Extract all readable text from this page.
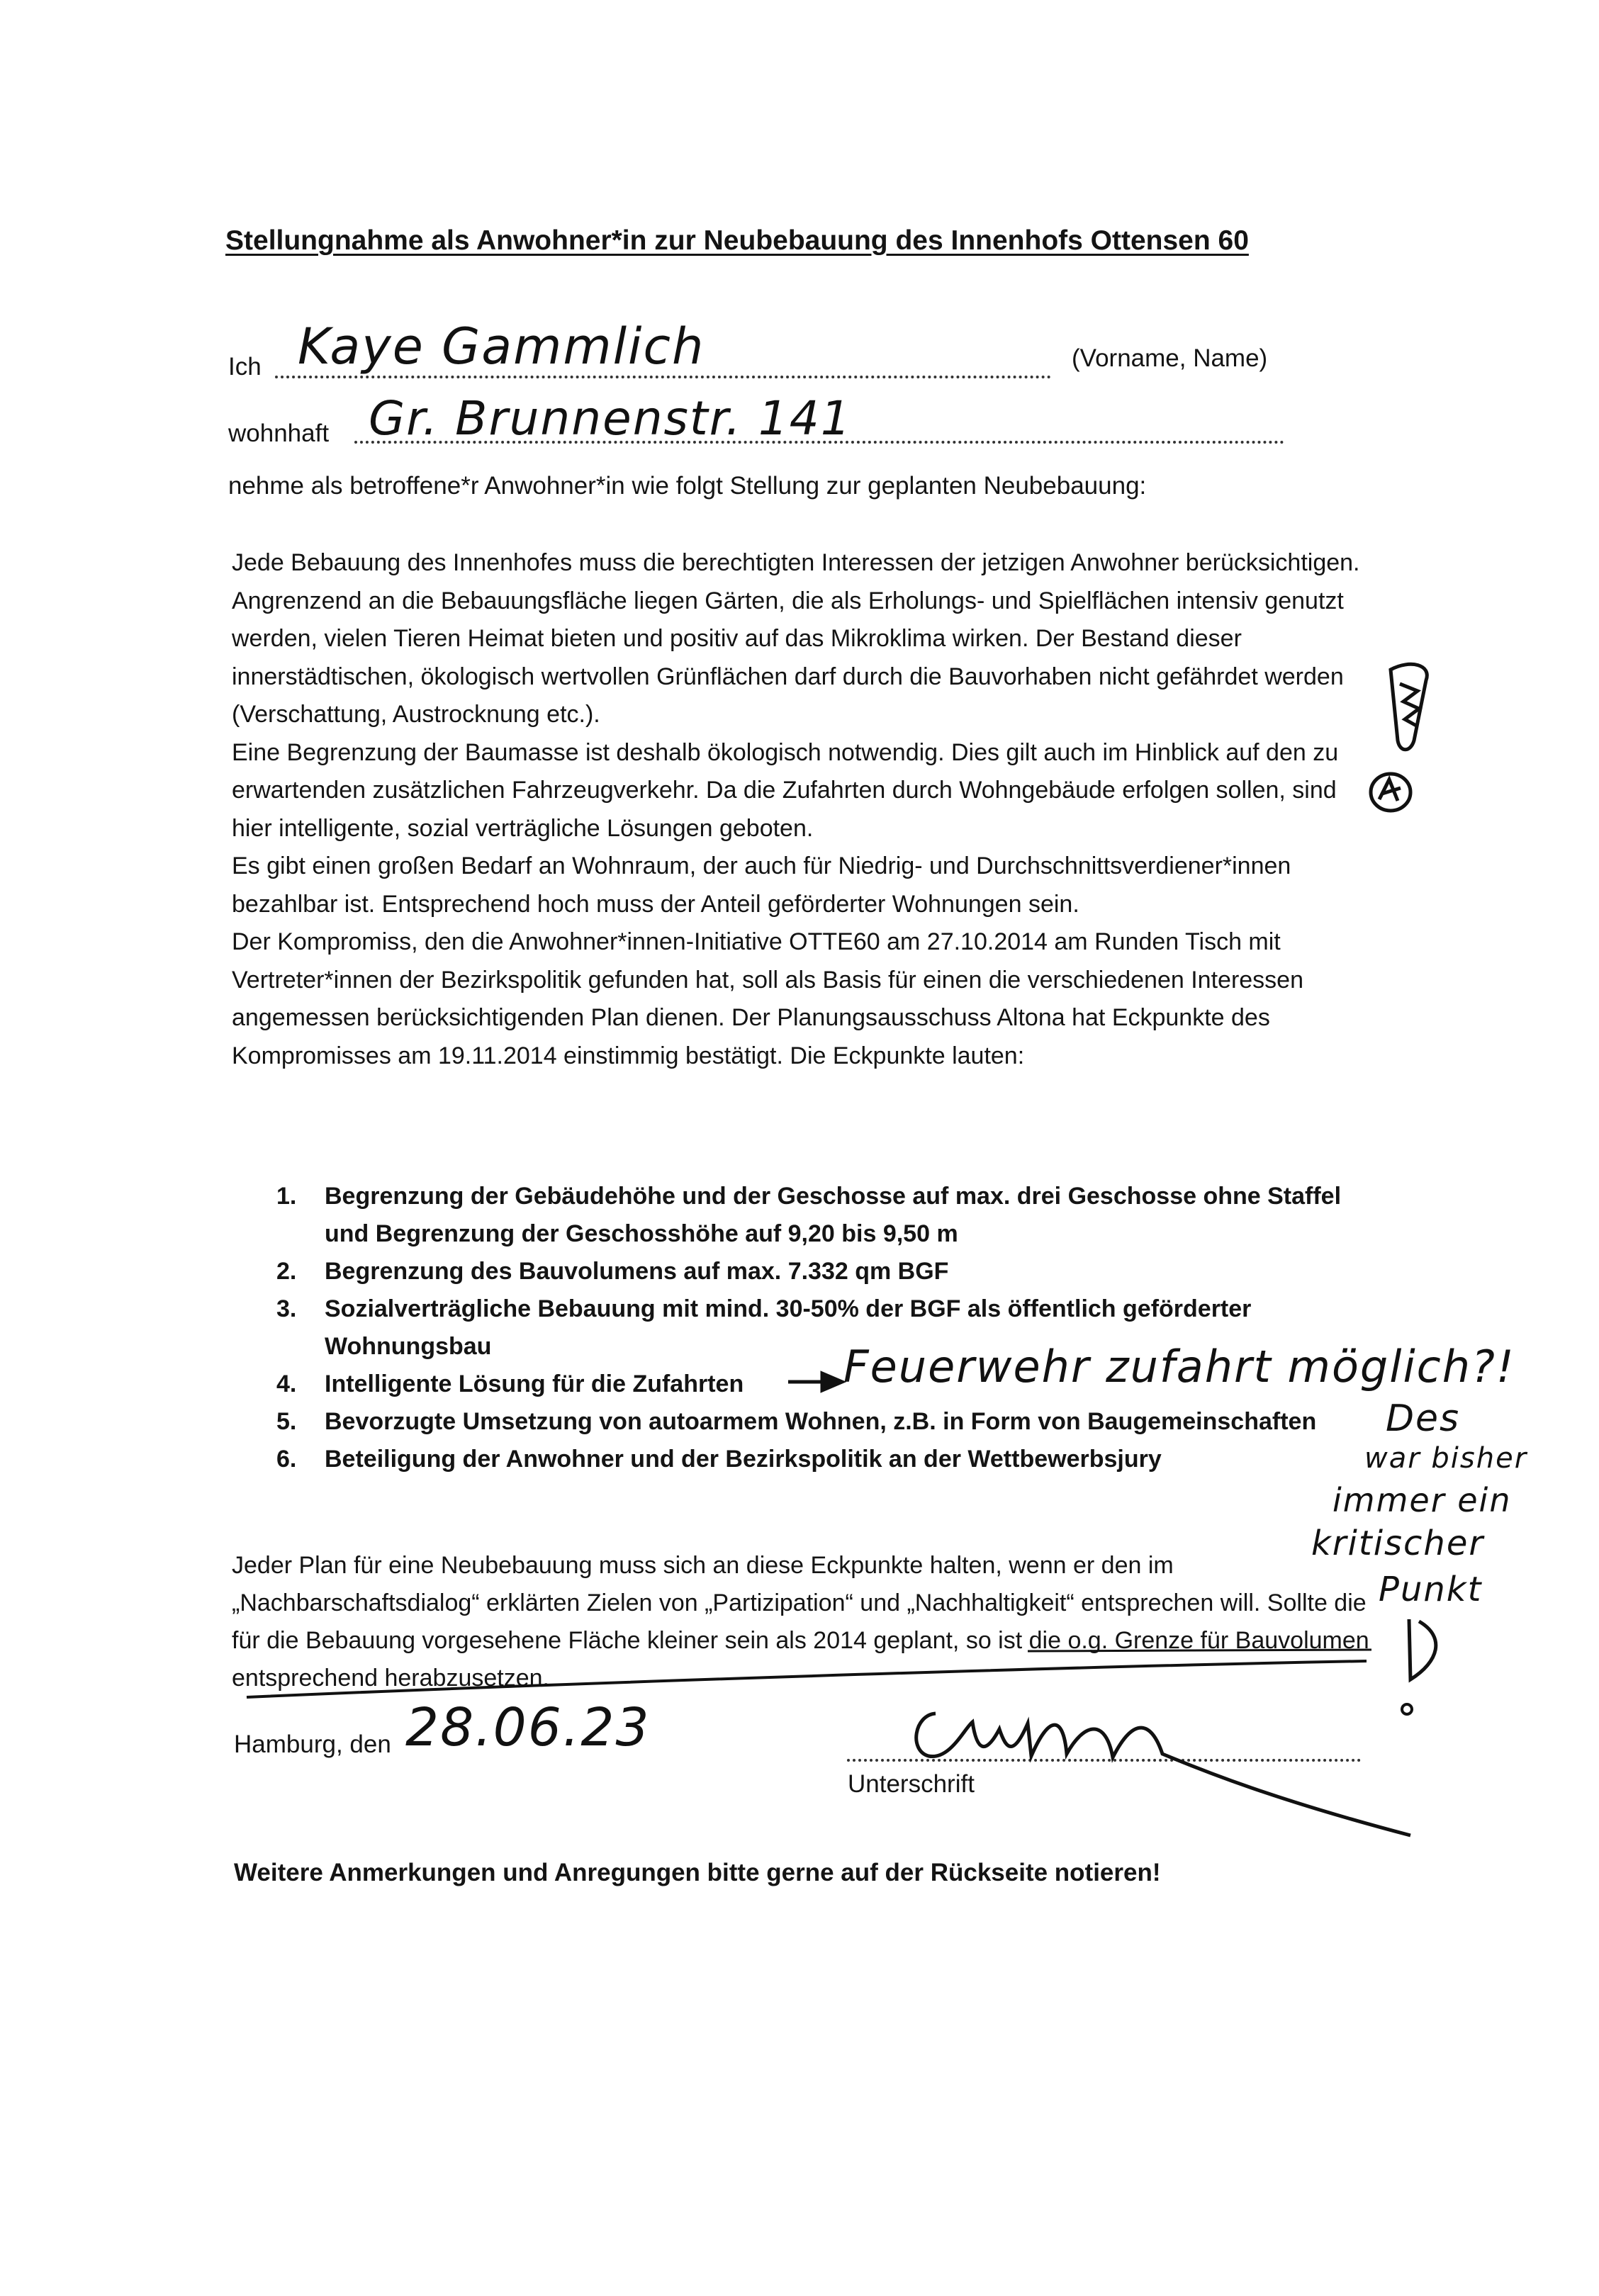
Stellungnahme als Anwohner*in zur Neubebauung des Innenhofs Ottensen 60
Ich Kaye Gammlich	(Vorname, Name)
wohnhaft Gr. Brunnenstr. 141
nehme als betroffene*r Anwohner*in wie folgt Stellung zur geplanten Neubebauung:

Jede Bebauung des Innenhofes muss die berechtigten Interessen der jetzigen Anwohner berücksichtigen.

Angrenzend an die Bebauungsfläche liegen Gärten, die als Erholungs- und Spielflächen intensiv genutzt werden, vielen Tieren Heimat bieten und positiv auf das Mikroklima wirken. Der Bestand dieser innerstädtischen, ökologisch wertvollen Grünflächen darf durch die Bauvorhaben nicht gefährdet werden (Verschattung, Austrocknung etc.).

Eine Begrenzung der Baumasse ist deshalb ökologisch notwendig. Dies gilt auch im Hinblick auf den zu erwartenden zusätzlichen Fahrzeugverkehr. Da die Zufahrten durch Wohngebäude erfolgen sollen, sind hier intelligente, sozial verträgliche Lösungen geboten.

Es gibt einen großen Bedarf an Wohnraum, der auch für Niedrig- und Durchschnittsverdiener*innen bezahlbar ist. Entsprechend hoch muss der Anteil geförderter Wohnungen sein.

Der Kompromiss, den die Anwohner*innen-Initiative OTTE60 am 27.10.2014 am Runden Tisch mit Vertreter*innen der Bezirkspolitik gefunden hat, soll als Basis für einen die verschiedenen Interessen angemessen berücksichtigenden Plan dienen. Der Planungsausschuss Altona hat Eckpunkte des Kompromisses am 19.11.2014 einstimmig bestätigt. Die Eckpunkte lauten:

1. Begrenzung der Gebäudehöhe und der Geschosse auf max. drei Geschosse ohne Staffel und Begrenzung der Geschosshöhe auf 9,20 bis 9,50 m
2. Begrenzung des Bauvolumens auf max. 7.332 qm BGF
3. Sozialverträgliche Bebauung mit mind. 30-50% der BGF als öffentlich geförderter Wohnungsbau
4. Intelligente Lösung für die Zufahrten
5. Bevorzugte Umsetzung von autoarmem Wohnen, z.B. in Form von Baugemeinschaften
6. Beteiligung der Anwohner und der Bezirkspolitik an der Wettbewerbsjury

Jeder Plan für eine Neubebauung muss sich an diese Eckpunkte halten, wenn er den im „Nachbarschaftsdialog“ erklärten Zielen von „Partizipation“ und „Nachhaltigkeit“ entsprechen will. Sollte die für die Bebauung vorgesehene Fläche kleiner sein als 2014 geplant, so ist die o.g. Grenze für Bauvolumen entsprechend herabzusetzen.

Hamburg, den 28.06.23
Unterschrift
Feuerwehr zufahrt möglich?!
Des
war bisher
immer ein
kritischer
Punkt
Weitere Anmerkungen und Anregungen bitte gerne auf der Rückseite notieren!
